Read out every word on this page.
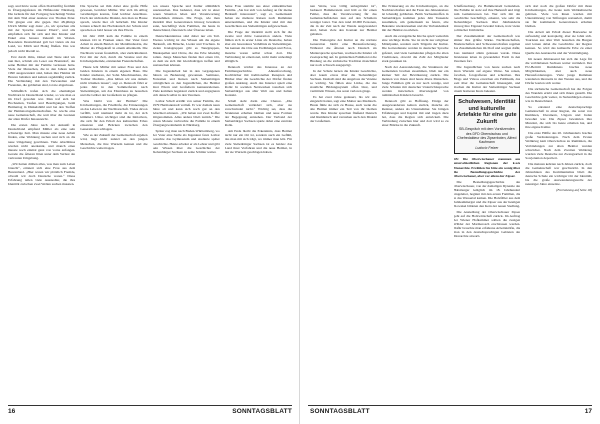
sagt, und hörte wenn offen Dolchstiftig freirhmt in Übergangsfesten im Hilfskordar Nürnberg. Die Gründe für den Fortgang bescheinigt Walter mit dem Titel einer Auslese von Thomas Peter. Wir gingen erst alle gegen. Der 48-jährige Ulrich Müller sagt dazu: „Ja, wir sprachen alle mit der Sprache unserer Eltern“, und alle empfahlen sich für sich und ihre Kinder und Enkel eine bessere Zukunft im Westen. Besonders Deutschland galt bei vielen als das Land, wo Milch und Honig fließen. Das war jedoch nicht überall so.

Erst durch Oma, Onkel und Tante sind wir nun hier, schrieb ein Leser aus Brenndorf, der seine Heimat mit der Familie verlassen hatte. Viele der Menschen, die in den Jahren nach 1990 ausgewandert sind, haben ihre Heimat im Herzen behalten und kehren regelmäßig zurück. Die Verbindung mit den Verwandten und Freunden, die geblieben sind, ist nie abgerissen.

Schließlich trafen sich die ehemaligen Nachbarn in Deutschland wieder, so wie man es im Dorf gewohnt war. Man traf sich bei Hochzeiten, Taufen und Beerdigungen, beim Heimattag in Dinkelsbühl und bei den Treffen der Heimatortsgemeinschaften. So wuchs eine neue Gemeinschaft, die weit über die Grenzen der alten Dörfer hinausreicht.

Die ersten Jahre nach der Ankunft in Deutschland empfand Müller als eine sehr schwierige Zeit. Man musste eine neue Arbeit finden, eine Wohnung suchen und sich an die neue Umgebung gewöhnen. Viele Abschlüsse wurden nicht anerkannt, und manch einer musste noch einmal ganz von vorne anfangen. Gerade die Älteren litten unter dem Verlust der vertrauten Umgebung.

„Wir hatten drüben alles, was man zum Leben braucht“, erinnert sich eine Frau aus dem Burzenland. „Hier waren wir plötzlich Fremde, obwohl wir doch Deutsche waren.“ Diese Erfahrung teilen viele Aussiedler, die ihre Identität zwischen zwei Welten suchen mussten.

Die Sprache sei ihm dabei eine große Hilfe gewesen, berichtet Müller. Wer sich im Alltag verständigen konnte, fand leichter Anschluss. Doch der sächsische Dialekt, den man zu Hause sprach, wurde hier oft belächelt. Die Kinder lernten schnell das Hochdeutsch der Schule und sprachen es bald besser als ihre Eltern.

Im Jahr 1993 kam die Familie in einem kleinen Ort in Franken unter. Der Vater fand Arbeit in einem Betrieb der Metallindustrie, die Mutter als Pflegekraft in einem Altenheim. Die Nachbarn waren freundlich, aber zurückhaltend. Erst mit der Zeit, durch die Vereine und die Kirchengemeinde, entstanden Freundschaften.

Heute lebt Müller mit seiner Frau und den beiden Kindern in einem eigenen Haus. Die Kinder studieren, der Sohn Maschinenbau, die Tochter Medizin. „Das hätten wir uns damals nicht träumen lassen“, sagt er. Dennoch fährt er jedes Jahr in den Sommerferien nach Siebenbürgen, um das Elternhaus zu besuchen und die Gräber der Großeltern zu pflegen.

Was bleibt von der Heimat? Die Kirchenburgen, die Friedhöfe, die Erinnerungen an das Leben in der Nachbarschaft. Vieles davon verfällt, weil niemand mehr da ist, der sich kümmert. Umso wichtiger sind die Initiativen, die sich für den Erhalt des kulturellen Erbes einsetzen und Brücken zwischen den Generationen schlagen.

Wie es der Zukunft der Gemeinschaft ergehen wird, liegt nicht zuletzt an den jungen Menschen, die ihre Wurzeln kennen und die Geschichte weitertragen.

nen unsere Sprache und Kultur allmählich auszusterben. Das bedeutet, dass wir in einer neuen Situation leben und Verantwortung übernehmen müssen. Die Frage, wie man Identität über Generationen hinweg bewahren kann, beschäftigt viele Familien, die heute in Deutschland, Österreich oder Übersee leben.

Deutschkenntnisse sind dabei nur ein Teil. Ebenso wichtig ist das Wissen um die eigene Herkunft, um Bräuche, Lieder und Trachten. In vielen Kreisgruppen gibt es Tanzgruppen, Blaskapellen und Chöre, die das Erbe lebendig halten. Junge Menschen finden hier einen Ort, an dem sie sich mit Gleichaltrigen treffen und austauschen können.

Die Jugendarbeit hat in den vergangenen Jahren an Bedeutung gewonnen. Seminare, Freizeiten und Reisen nach Siebenbürgen ermöglichen es den Jugendlichen, die Heimat ihrer Eltern und Großeltern kennenzulernen. Viele kommen begeistert zurück und engagieren sich danach selbst in den Vereinen.

Lothar Schell erzählt von seiner Familie, die 1979 Hermannstadt verließ. Er war damals neun Jahre alt und kann sich noch gut an den Abschied erinnern. „Wir haben nur zwei Koffer mitgenommen. Alles andere blieb zurück.“ Die ersten Monate verbrachte die Familie in einem Übergangswohnheim in Nürnberg.

Später zog man nach Baden-Württemberg, wo der Vater eine Stelle als Ingenieur fand. Lothar besuchte das Gymnasium und studierte später Geschichte. Heute arbeitet er als Lehrer und gibt sein Wissen über die Geschichte der Siebenbürger Sachsen an seine Schüler weiter.

Seine Frau stammt aus einer einheimischen Familie. „Sie hat sich von Anfang an für meine Herkunft interessiert“, sagt er. Gemeinsam haben sie mehrere Reisen nach Rumänien unternommen, und die Kinder sind mit den Geschichten aus Siebenbürgen aufgewachsen.

Die Frage der Identität stellt sich für die zweite und dritte Generation anders. Viele fühlen sich in erster Linie als Deutsche, haben aber ein besonderes Verhältnis zu Siebenbürgen. Sie kennen die Orte aus Erzählungen und Fotos, manche waren selbst schon dort. Die Verbindung ist emotional, nicht mehr unbedingt alltäglich.

Dennoch wächst das Interesse an der Familiengeschichte. Ahnenforschung, Kochbücher mit traditionellen Rezepten und Bücher über die Geschichte der Dörfer finden großen Anklang. Auch das Internet spielt eine Rolle: In sozialen Netzwerken tauschen sich Siebenbürger aus aller Welt aus und halten Kontakt.

Schell sieht darin eine Chance. „Die Gemeinschaft verändert sich, aber sie verschwindet nicht.“ Wichtig sei, dass die Strukturen erhalten bleiben und neue Formen der Begegnung entstehen. Der Verband der Siebenbürger Sachsen spiele dabei eine zentrale Rolle.

Am Ende bleibt die Erkenntnis, dass Heimat nicht nur ein Ort ist, sondern auch ein Gefühl, das man mit sich trägt, wo immer man lebt. Für viele Siebenbürger Sachsen ist es beides: das Land ihrer Vorfahren und die neue Heimat, in der sie Wurzeln geschlagen haben.

16	SONNTAGSBLATT

nen Werte, was völlig unbegründet ist“, bedauert Hammerstein und hält es für einen Fehler, dass die Verantwortung für das Gemeinschaftsleben nun auf den Schultern weniger lastet. Von den rund 20.000 Personen, die in der Zeit nach der Wende ausgewandert sind, haben viele den Kontakt zur Heimat gehalten.

Die Weitergabe der Kultur an die nächste Generation bleibt eine Herausforderung. Während die Älteren noch Deutsch als Muttersprache sprechen, wachsen die Kinder oft zweisprachig auf. In gemischten Familien ist die Bindung an die sächsische Tradition manchmal nur noch schwach ausgeprägt.

In der Schule lernen die Kinder Geschichte, aber kaum etwas über die Siebenbürger Sachsen. Deshalb sind die Angebote der Vereine so wichtig. Sie füllen eine Lücke, die das staatliche Bildungssystem offen lässt, und vermitteln Wissen, das sonst verloren ginge.

Es hat zwei Jahre gedauert, bis wir uns eingelebt hatten, sagt eine Mutter aus Mediasch. Heute fühle sie sich zu Hause, auch wenn die alte Heimat immer ein Teil von ihr bleiben werde. Ihre Kinder sprechen fließend Deutsch und Rumänisch und verstehen auch den Dialekt der Großeltern.

Die Erinnerung an die Kirchenburgen, an die Nachbarschaften und die Feste des Jahreskreises ist lebendig geblieben. Beim Sachsentreffen in Siebenbürgen kommen jedes Jahr Tausende zusammen, um gemeinsam zu feiern, alte Bekannte wiederzusehen und die Verbundenheit mit der Heimat zu erleben.

Auch die evangelische Kirche spielt weiterhin eine wichtige Rolle. Sie ist nicht nur religiöser Mittelpunkt, sondern auch Trägerin der Kultur. Die Gottesdienste werden in deutscher Sprache gefeiert, und viele Gemeinden pflegen die alten Traditionen, obwohl die Zahl der Mitglieder stark gesunken ist.

Nach der Auswanderung, die Strukturen der Gemeinden brachen zusammen, blieb nur ein kleiner Teil der Bevölkerung zurück. Die meisten von ihnen sind heute ältere Menschen. Junge Familien gibt es nur noch wenige, und viele Schulen mit deutscher Unterrichtssprache werden inzwischen überwiegend von rumänischen Kindern besucht.

Dennoch gibt es Hoffnung. Einige der Ausgewanderten kehren zurück, manche als Rentner, andere als Unternehmer. Sie bringen Erfahrungen und Kapital mit und tragen dazu bei, dass die Region sich entwickelt. Die Verbindung zwischen hier und dort wird so zu einer Brücke in die Zukunft.

Schaffensdrang. Zu Hammerstadt beizuleben. Die Familie ist stolz auf ihre Herkunft und trägt zum Gemeinwesen bei. Wer sich mit der Geschichte beschäftigt, erkennt, wie sehr die Siebenbürger Sachsen über Jahrhunderte hinweg ihre Eigenart bewahrt haben, trotz vieler politischer Umbrüche.

Der Zusammenhalt der Gemeinschaft war immer ihre größte Stärke. Nachbarschaften, Bruderschaften und Schwesterschaften regelten das Zusammenleben im Dorf und sorgten dafür, dass niemand allein gelassen wurde. Diese Strukturen leben in gewandelter Form in den Vereinen fort.

Die Jugendlichen von heute suchen nach ihren Wurzeln auf eigene Weise. Sie reisen, forschen, fotografieren und schreiben. Ihre Blogs und Videos erreichen ein Publikum, das weit über die Gemeinschaft hinausgeht, und machen die Kultur der Siebenbürger Sachsen einem breiteren Kreis bekannt.

Schulwesen, Identität und kulturelle Artefakte für eine gute Zukunft
SB-Gespräch mit dem Vorsitzenden des DFD Oberwischau und Chefredakteur des Zipserboten, Alfred Kaufmann
Ludovic Fetzer

SB: Die Oberwischauer stammen aus unterschiedlichen Regionen der k.u.k Monarchie. Erzählen Sie bitte ein wenig über die Besiedlungsgeschichte der Oberwischauer, aber vor allem der Zipser.

Die Besiedlungsgeschichte der Oberwischauer, von der damaligen Dynastie der Habsburger lediglich im 18. Jahrhundert eingeleitet, beginnt mit den ersten Familien, die in das Wassertal kamen. Die Holzfäller aus dem Salzkammergut und die Zipser aus der heutigen Slowakei bildeten den Kern der neuen Siedlung.

Die Ansiedlung der Oberwischauer Zipser geht auf die Holzwirtschaft zurück. Im Auftrag der Wiener Hofkammer sollten die riesigen Wälder der Marmarosch erschlossen werden. Dafür brauchte man erfahrene Arbeitskräfte, die man in den deutschsprachigen Gebieten der Monarchie anwarb.

sich dort noch die großen Dörfer mit ihren Kirchenburgen, die heute zum Weltkulturerbe gehören. Viele von ihnen werden mit Unterstützung von Stiftungen restauriert, damit sie für kommende Generationen erhalten bleiben.

Die Arbeit am Erhalt dieser Bauwerke ist aufwendig und kostspielig, aber sie lohnt sich. Touristen aus aller Welt besuchen die Burgen und lernen dabei die Geschichte der Region kennen. So wird das kulturelle Erbe zu einer Quelle des Austauschs und der Verständigung.

Im neuen Jahrtausend hat sich die Lage für die verbliebenen Sachsen weiter verändert. Der EU-Beitritt Rumäniens brachte neue Möglichkeiten, aber auch neue Herausforderungen. Viele junge Rumänen wanderten ihrerseits in den Westen aus, und die Dörfer leerten sich weiter.

Die sächsische Gemeinschaft hat die Folgen des Wandels erlebt und sich ihnen gestellt. Die Geschichte geht weiter, in Siebenbürgen ebenso wie in Deutschland.

So entstand eine deutschsprachige Gemeinschaft in einer Region, die sonst von Rumänen, Ukrainern, Ungarn und Juden bewohnt war. Die Zipser bewahrten ihre Mundart, die sich bis heute erhalten hat, und ihre eigene Kultur.

Die erste Hälfte des 20. Jahrhunderts brachte große Veränderungen. Nach dem Ersten Weltkrieg kam Oberwischau zu Rumänien, die Verbindungen zur alten Heimat wurden schwächer. Nach dem Zweiten Weltkrieg wurden viele Deutsche zur Zwangsarbeit in die Sowjetunion deportiert.

Die meisten kehrten nach Jahren zurück, doch die Gemeinschaft war geschwächt. In den Jahrzehnten des Kommunismus blieb die deutsche Schule ein wichtiger Ort der Identität, bis die große Auswanderungswelle der neunziger Jahre einsetzte.

(Fortsetzung auf Seite 18)

SONNTAGSBLATT	17
